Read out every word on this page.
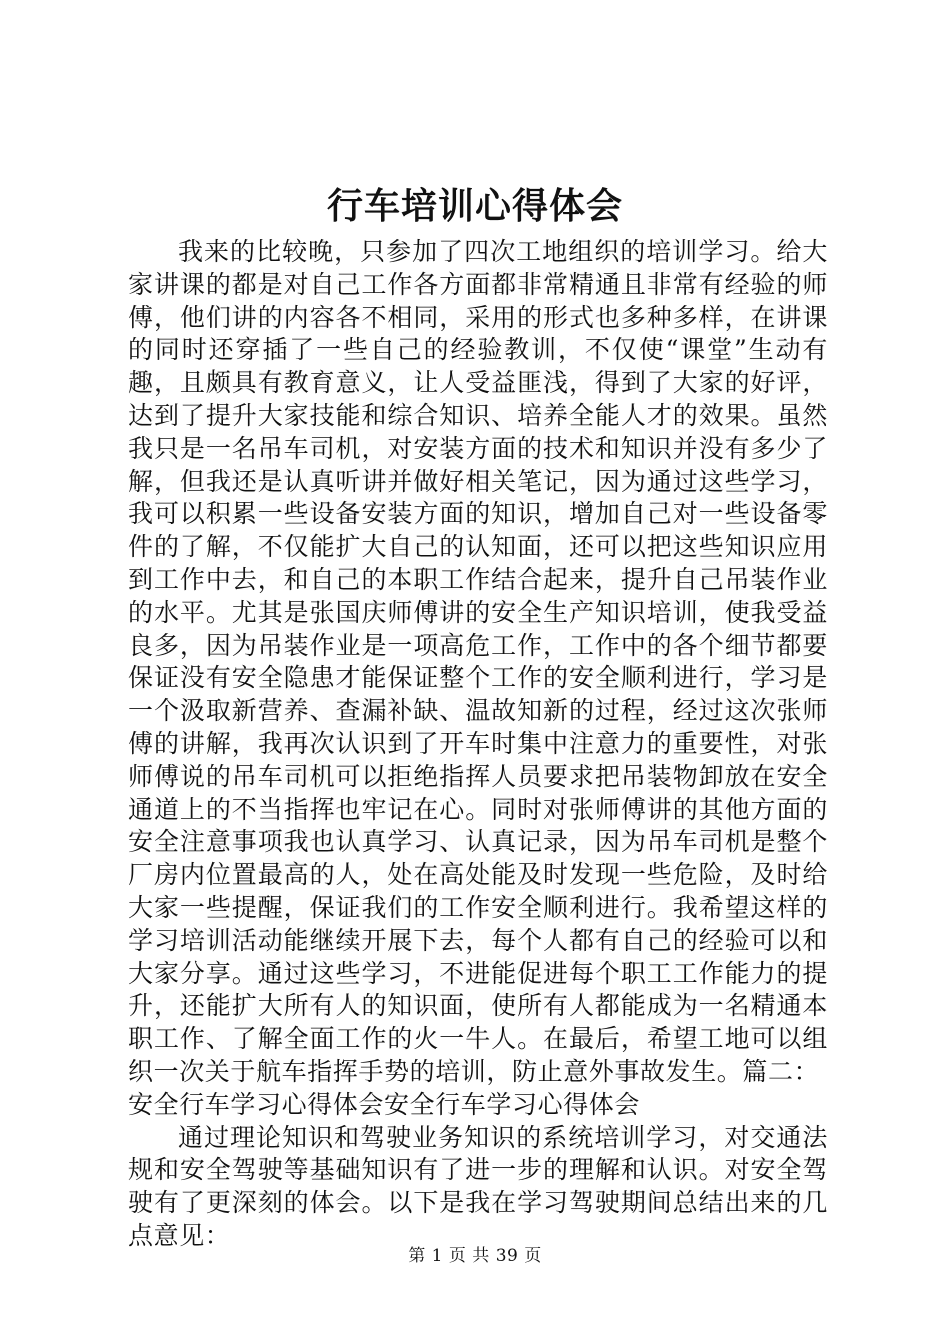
行车培训心得体会

我来的比较晚，只参加了四次工地组织的培训学习。给大家讲课的都是对自己工作各方面都非常精通且非常有经验的师傅，他们讲的内容各不相同，采用的形式也多种多样，在讲课的同时还穿插了一些自己的经验教训，不仅使“课堂”生动有趣，且颇具有教育意义，让人受益匪浅，得到了大家的好评，达到了提升大家技能和综合知识、培养全能人才的效果。虽然我只是一名吊车司机，对安装方面的技术和知识并没有多少了解，但我还是认真听讲并做好相关笔记，因为通过这些学习，我可以积累一些设备安装方面的知识，增加自己对一些设备零件的了解，不仅能扩大自己的认知面，还可以把这些知识应用到工作中去，和自己的本职工作结合起来，提升自己吊装作业的水平。尤其是张国庆师傅讲的安全生产知识培训，使我受益良多，因为吊装作业是一项高危工作，工作中的各个细节都要保证没有安全隐患才能保证整个工作的安全顺利进行，学习是一个汲取新营养、查漏补缺、温故知新的过程，经过这次张师傅的讲解，我再次认识到了开车时集中注意力的重要性，对张师傅说的吊车司机可以拒绝指挥人员要求把吊装物卸放在安全通道上的不当指挥也牢记在心。同时对张师傅讲的其他方面的安全注意事项我也认真学习、认真记录，因为吊车司机是整个厂房内位置最高的人，处在高处能及时发现一些危险，及时给大家一些提醒，保证我们的工作安全顺利进行。我希望这样的学习培训活动能继续开展下去，每个人都有自己的经验可以和大家分享。通过这些学习，不进能促进每个职工工作能力的提升，还能扩大所有人的知识面，使所有人都能成为一名精通本职工作、了解全面工作的火一牛人。在最后，希望工地可以组织一次关于航车指挥手势的培训，防止意外事故发生。篇二：

安全行车学习心得体会安全行车学习心得体会

通过理论知识和驾驶业务知识的系统培训学习，对交通法规和安全驾驶等基础知识有了进一步的理解和认识。对安全驾驶有了更深刻的体会。以下是我在学习驾驶期间总结出来的几点意见：

第 1 页 共 39 页
